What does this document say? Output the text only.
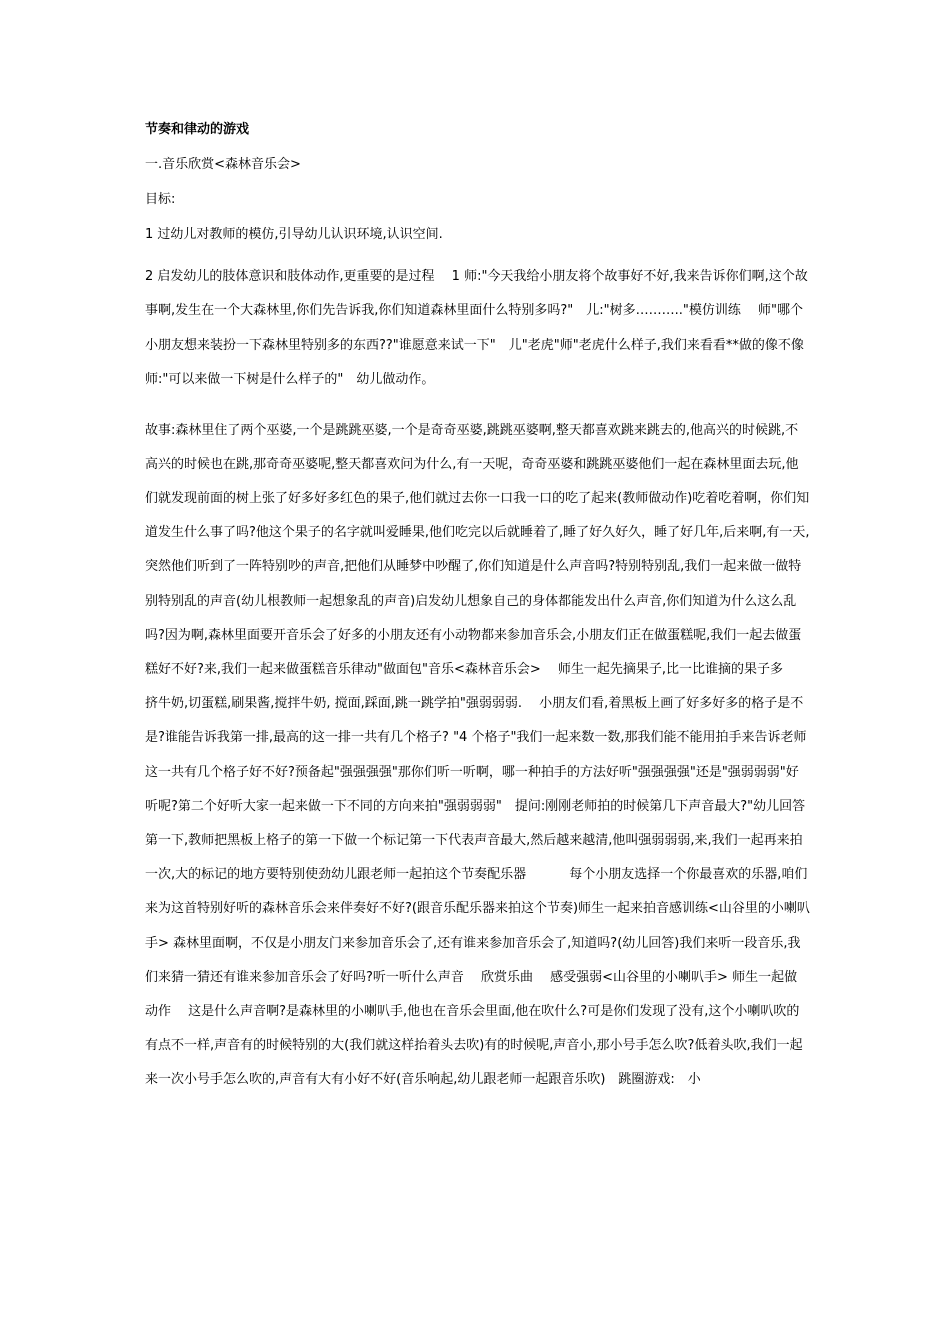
节奏和律动的游戏
一.音乐欣赏<森林音乐会>
目标:
1 过幼儿对教师的模仿,引导幼儿认识环境,认识空间.
2 启发幼儿的肢体意识和肢体动作,更重要的是过程　 1 师:"今天我给小朋友将个故事好不好,我来告诉你们啊,这个故事啊,发生在一个大森林里,你们先告诉我,你们知道森林里面什么特别多吗?"　儿:"树多……….."模仿训练　 师"哪个小朋友想来装扮一下森林里特别多的东西??"谁愿意来试一下"　儿"老虎"师"老虎什么样子,我们来看看**做的像不像　 师:"可以来做一下树是什么样子的"　幼儿做动作。
故事:森林里住了两个巫婆,一个是跳跳巫婆,一个是奇奇巫婆,跳跳巫婆啊,整天都喜欢跳来跳去的,他高兴的时候跳,不高兴的时候也在跳,那奇奇巫婆呢,整天都喜欢问为什么,有一天呢，奇奇巫婆和跳跳巫婆他们一起在森林里面去玩,他们就发现前面的树上张了好多好多红色的果子,他们就过去你一口我一口的吃了起来(教师做动作)吃着吃着啊，你们知道发生什么事了吗?他这个果子的名字就叫爱睡果,他们吃完以后就睡着了,睡了好久好久，睡了好几年,后来啊,有一天,突然他们听到了一阵特别吵的声音,把他们从睡梦中吵醒了,你们知道是什么声音吗?特别特别乱,我们一起来做一做特别特别乱的声音(幼儿根教师一起想象乱的声音)启发幼儿想象自己的身体都能发出什么声音,你们知道为什么这么乱吗?因为啊,森林里面要开音乐会了好多的小朋友还有小动物都来参加音乐会,小朋友们正在做蛋糕呢,我们一起去做蛋糕好不好?来,我们一起来做蛋糕音乐律动"做面包"音乐<森林音乐会>　 师生一起先摘果子,比一比谁摘的果子多　 挤牛奶,切蛋糕,刷果酱,搅拌牛奶, 搅面,踩面,跳一跳学拍"强弱弱弱.　 小朋友们看,着黑板上画了好多好多的格子是不是?谁能告诉我第一排,最高的这一排一共有几个格子? "4 个格子"我们一起来数一数,那我们能不能用拍手来告诉老师这一共有几个格子好不好?预备起"强强强强"那你们听一听啊，哪一种拍手的方法好听"强强强强"还是"强弱弱弱"好听呢?第二个好听大家一起来做一下不同的方向来拍"强弱弱弱"　提问:刚刚老师拍的时候第几下声音最大?"幼儿回答第一下,教师把黑板上格子的第一下做一个标记第一下代表声音最大,然后越来越清,他叫强弱弱弱,来,我们一起再来拍一次,大的标记的地方要特别使劲幼儿跟老师一起拍这个节奏配乐器　　　 每个小朋友选择一个你最喜欢的乐器,咱们来为这首特别好听的森林音乐会来伴奏好不好?(跟音乐配乐器来拍这个节奏)师生一起来拍音感训练<山谷里的小喇叭手> 森林里面啊，不仅是小朋友门来参加音乐会了,还有谁来参加音乐会了,知道吗?(幼儿回答)我们来听一段音乐,我们来猜一猜还有谁来参加音乐会了好吗?听一听什么声音　 欣赏乐曲　 感受强弱<山谷里的小喇叭手> 师生一起做动作　 这是什么声音啊?是森林里的小喇叭手,他也在音乐会里面,他在吹什么?可是你们发现了没有,这个小喇叭吹的有点不一样,声音有的时候特别的大(我们就这样抬着头去吹)有的时候呢,声音小,那小号手怎么吹?低着头吹,我们一起来一次小号手怎么吹的,声音有大有小好不好(音乐响起,幼儿跟老师一起跟音乐吹)　跳圈游戏:　小
